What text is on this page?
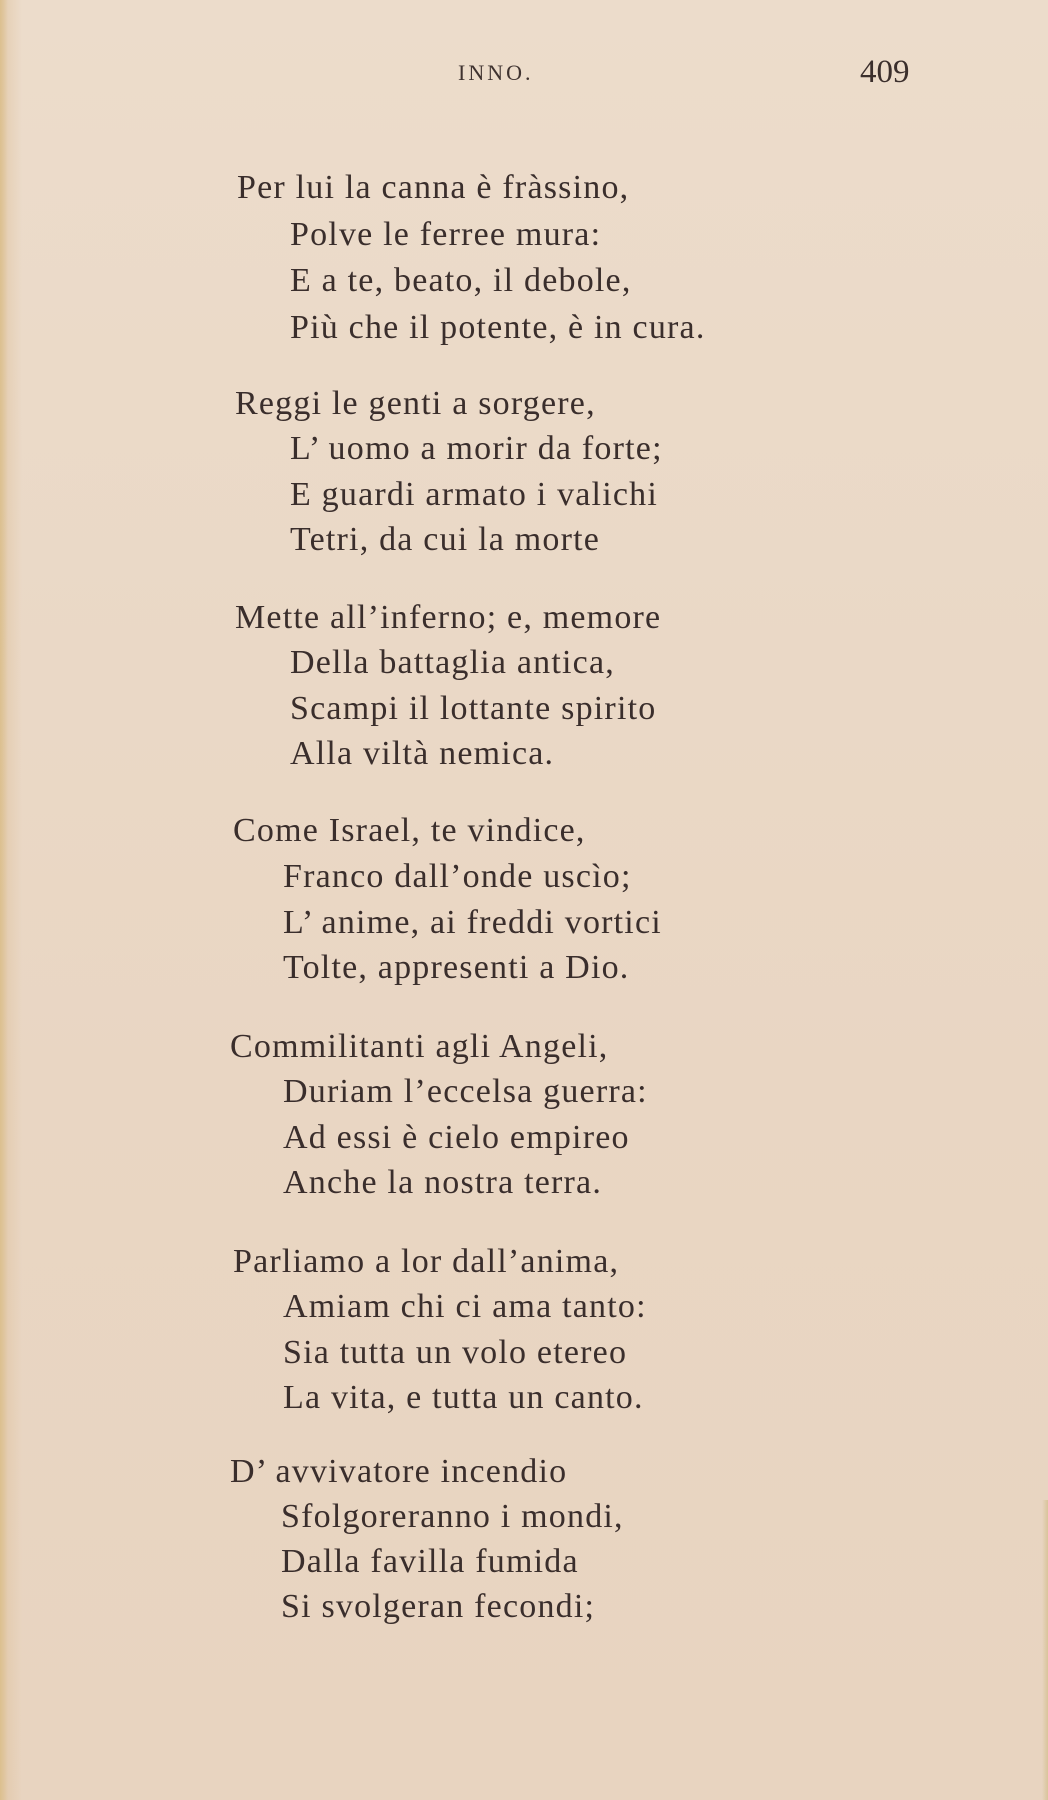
INNO.	409
Per lui la canna è fràssino,
Polve le ferree mura:
E a te, beato, il debole,
Più che il potente, è in cura.
Reggi le genti a sorgere,
L’ uomo a morir da forte;
E guardi armato i valichi
Tetri, da cui la morte
Mette all’inferno; e, memore
Della battaglia antica,
Scampi il lottante spirito
Alla viltà nemica.
Come Israel, te vindice,
Franco dall’onde uscìo;
L’ anime, ai freddi vortici
Tolte, appresenti a Dio.
Commilitanti agli Angeli,
Duriam l’eccelsa guerra:
Ad essi è cielo empireo
Anche la nostra terra.
Parliamo a lor dall’anima,
Amiam chi ci ama tanto:
Sia tutta un volo etereo
La vita, e tutta un canto.
D’ avvivatore incendio
Sfolgoreranno i mondi,
Dalla favilla fumida
Si svolgeran fecondi;
